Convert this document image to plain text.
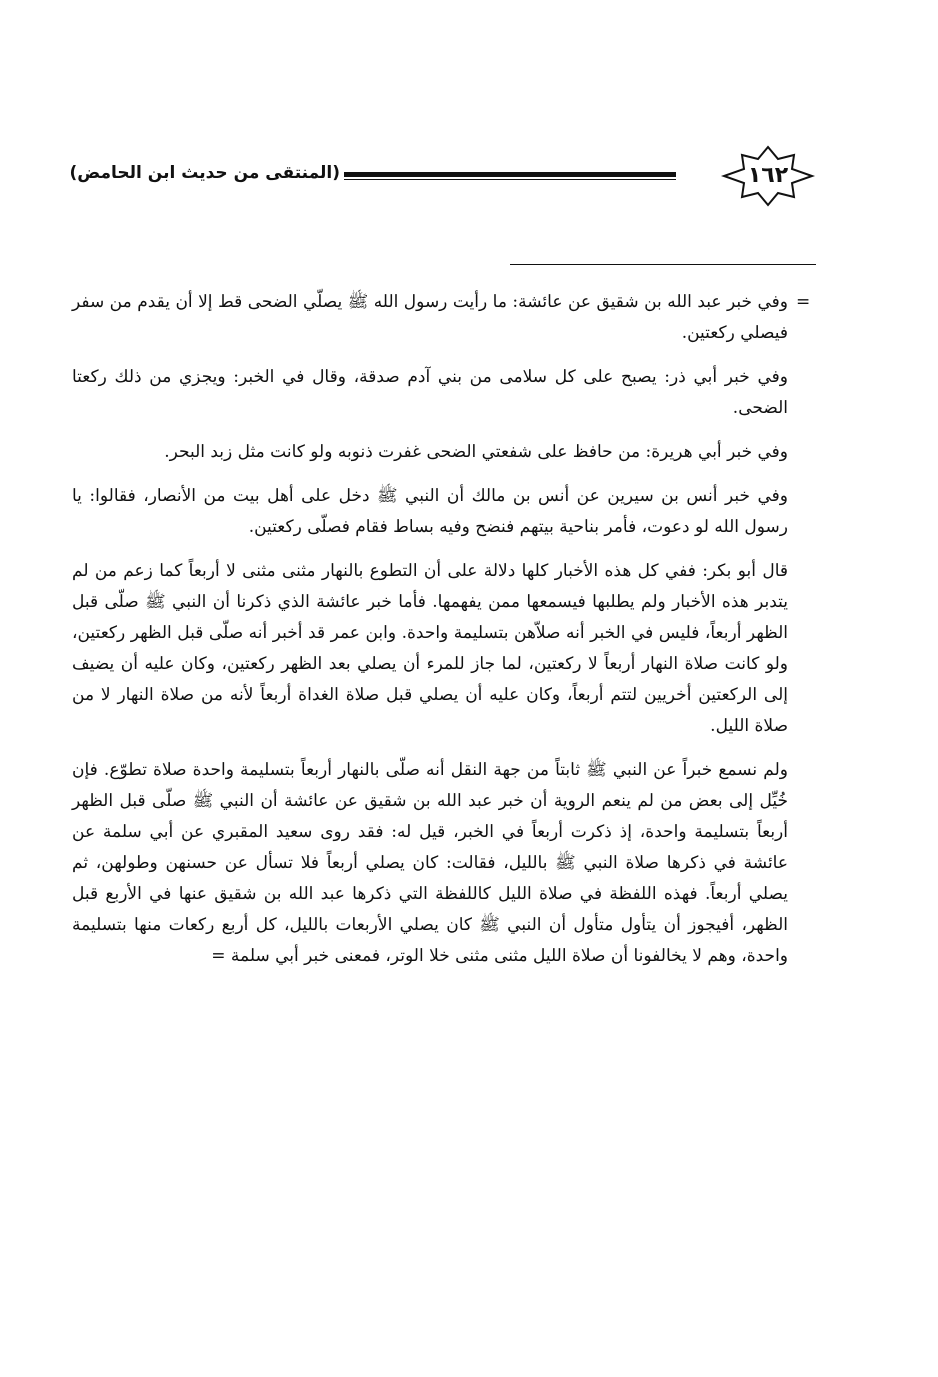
(المنتقى من حديث ابن الحامض)	١٦٢
=

وفي خبر عبد الله بن شقيق عن عائشة: ما رأيت رسول الله ﷺ يصلّي الضحى قط إلا أن يقدم من سفر فيصلي ركعتين.

وفي خبر أبي ذر: يصبح على كل سلامى من بني آدم صدقة، وقال في الخبر: ويجزي من ذلك ركعتا الضحى.

وفي خبر أبي هريرة: من حافظ على شفعتي الضحى غفرت ذنوبه ولو كانت مثل زبد البحر.

وفي خبر أنس بن سيرين عن أنس بن مالك أن النبي ﷺ دخل على أهل بيت من الأنصار، فقالوا: يا رسول الله لو دعوت، فأمر بناحية بيتهم فنضح وفيه بساط فقام فصلّى ركعتين.

قال أبو بكر: ففي كل هذه الأخبار كلها دلالة على أن التطوع بالنهار مثنى مثنى لا أربعاً كما زعم من لم يتدبر هذه الأخبار ولم يطلبها فيسمعها ممن يفهمها. فأما خبر عائشة الذي ذكرنا أن النبي ﷺ صلّى قبل الظهر أربعاً، فليس في الخبر أنه صلاّهن بتسليمة واحدة. وابن عمر قد أخبر أنه صلّى قبل الظهر ركعتين، ولو كانت صلاة النهار أربعاً لا ركعتين، لما جاز للمرء أن يصلي بعد الظهر ركعتين، وكان عليه أن يضيف إلى الركعتين أخريين لتتم أربعاً، وكان عليه أن يصلي قبل صلاة الغداة أربعاً لأنه من صلاة النهار لا من صلاة الليل.

ولم نسمع خبراً عن النبي ﷺ ثابتاً من جهة النقل أنه صلّى بالنهار أربعاً بتسليمة واحدة صلاة تطوّع. فإن خُيِّل إلى بعض من لم ينعم الروية أن خبر عبد الله بن شقيق عن عائشة أن النبي ﷺ صلّى قبل الظهر أربعاً بتسليمة واحدة، إذ ذكرت أربعاً في الخبر، قيل له: فقد روى سعيد المقبري عن أبي سلمة عن عائشة في ذكرها صلاة النبي ﷺ بالليل، فقالت: كان يصلي أربعاً فلا تسأل عن حسنهن وطولهن، ثم يصلي أربعاً. فهذه اللفظة في صلاة الليل كاللفظة التي ذكرها عبد الله بن شقيق عنها في الأربع قبل الظهر، أفيجوز أن يتأول متأول أن النبي ﷺ كان يصلي الأربعات بالليل، كل أربع ركعات منها بتسليمة واحدة، وهم لا يخالفونا أن صلاة الليل مثنى مثنى خلا الوتر، فمعنى خبر أبي سلمة =
